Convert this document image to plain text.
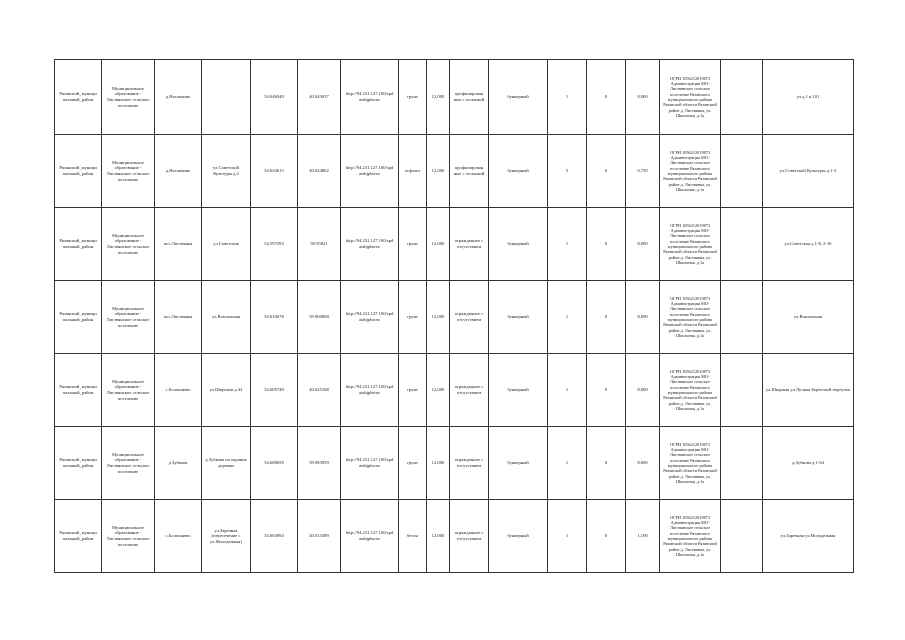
Рязанский_муници пальный_район	Муниципальное образование - Листвянское сельское поселение	д.Насонково		54.646940	40.043037	http://94.231.127.100/spd atabjpbsrez	грунт	12,000	профилирован ные с отсыпкой	бункерный	1	0	8,000	ОГРН 1056212019873 Администрация МО-Листвянское сельское поселение Рязанского муниципального района Рязанской области Рязанский район д. Листвянка, ул. Школьная, д.1а		ул.д.1 к.101
Рязанский_муници пальный_район	Муниципальное образование - Листвянское сельское поселение	д.Насонково	ул.Советской Культуры д.2	54.634615	40.024862	http://94.231.127.100/spd atabjpbsrez	асфальт	12,000	профилирован ные с отсыпкой	бункерный	5	0	0,750	ОГРН 1056212019873 Администрация МО-Листвянское сельское поселение Рязанского муниципального района Рязанской области Рязанский район д. Листвянка, ул. Школьная, д.1а		ул.Советской Культуры д.1-3
Рязанский_муници пальный_район	Муниципальное образование - Листвянское сельское поселение	пос.Листвянка	ул.Советская	54.597293	39.95821	http://94.231.127.100/spd atabjpbsrez	грунт	12,000	огражденное с отсутствием	бункерный	1	0	8,000	ОГРН 1056212019873 Администрация МО-Листвянское сельское поселение Рязанского муниципального района Рязанской области Рязанский район д. Листвянка, ул. Школьная, д.1а		ул.Советская д.1-8, 2-10
Рязанский_муници пальный_район	Муниципальное образование - Листвянское сельское поселение	пос.Листвянка	ул.Вокзальная	54.610678	39.960868	http://94.231.127.100/spd atabjpbsrez	грунт	12,000	огражденное с отсутствием	бункерный	1	0	8,000	ОГРН 1056212019873 Администрация МО-Листвянское сельское поселение Рязанского муниципального района Рязанской области Рязанский район д. Листвянка, ул. Школьная, д.1а		ул.Вокзальная
Рязанский_муници пальный_район	Муниципальное образование - Листвянское сельское поселение	с.Болошнево	ул.Широкая д.42	54.605748	40.025168	http://94.231.127.100/spd atabjpbsrez	грунт	12,000	огражденное с отсутствием	бункерный	1	0	8,000	ОГРН 1056212019873 Администрация МО-Листвянское сельское поселение Рязанского муниципального района Рязанской области Рязанский район д. Листвянка, ул. Школьная, д.1а		ул.Широкая ул.Лучная Береговой переулок
Рязанский_муници пальный_район	Муниципальное образование - Листвянское сельское поселение	д.Зубкова	д.Зубкова на окраине деревни	54.608658	39.983959	http://94.231.127.100/spd atabjpbsrez	грунт	12,000	огражденное с отсутствием	бункерный	1	0	8,000	ОГРН 1056212019873 Администрация МО-Листвянское сельское поселение Рязанского муниципального района Рязанской области Рязанский район д. Листвянка, ул. Школьная, д.1а		д.Зубкова д.1-64
Рязанский_муници пальный_район	Муниципальное образование - Листвянское сельское поселение	с.Болошнево	ул.Заречная (пересечение с ул.Молодежная)	54.604994	40.013389	http://94.231.127.100/spd atabjpbsrez	бетон	12,000	огражденное с отсутствием	бункерный	1	0	1,100	ОГРН 1056212019873 Администрация МО-Листвянское сельское поселение Рязанского муниципального района Рязанской области Рязанский район д. Листвянка, ул. Школьная, д.1а		ул.Заречная ул.Молодежная
